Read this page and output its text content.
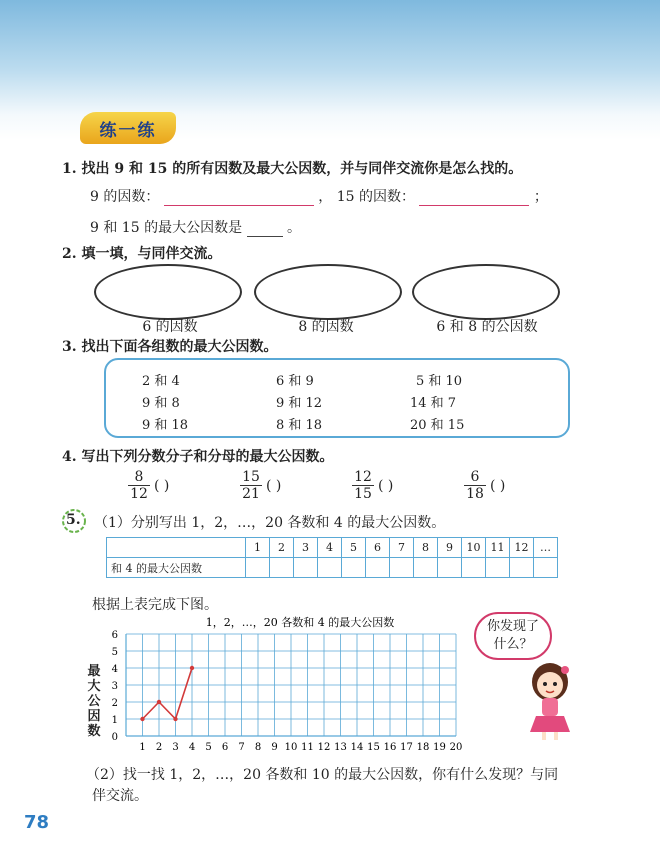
练一练
1. 找出 9 和 15 的所有因数及最大公因数，并与同伴交流你是怎么找的。
9 的因数：	， 15 的因数：	；
9 和 15 的最大公因数是	。
2. 填一填，与同伴交流。
6 的因数	8 的因数	6 和 8 的公因数
3. 找出下面各组数的最大公因数。
2 和 4	6 和 9	5 和 10
9 和 8	9 和 12	14 和 7
9 和 18	8 和 18	20 和 15
4. 写出下列分数分子和分母的最大公因数。
$\frac{8}{12}$ ( )	$\frac{15}{21}$ ( )	$\frac{12}{15}$ ( )	$\frac{6}{18}$ ( )
5. （1）分别写出 1，2，…，20 各数和 4 的最大公因数。
	1	2	3	4	5	6	7	8	9	10	11	12	…
和 4 的最大公因数													
根据上表完成下图。
1，2，…，20 各数和 4 的最大公因数
1 2 3 4 5 6 7 8 9 10 11 12 13 14 15 16 17 18 19 20
0
1
2
3
4
5
6
最
大
公
因
数
你发现了
什么？
（2）找一找 1，2，…，20 各数和 10 的最大公因数，你有什么发现？与同
伴交流。
78
